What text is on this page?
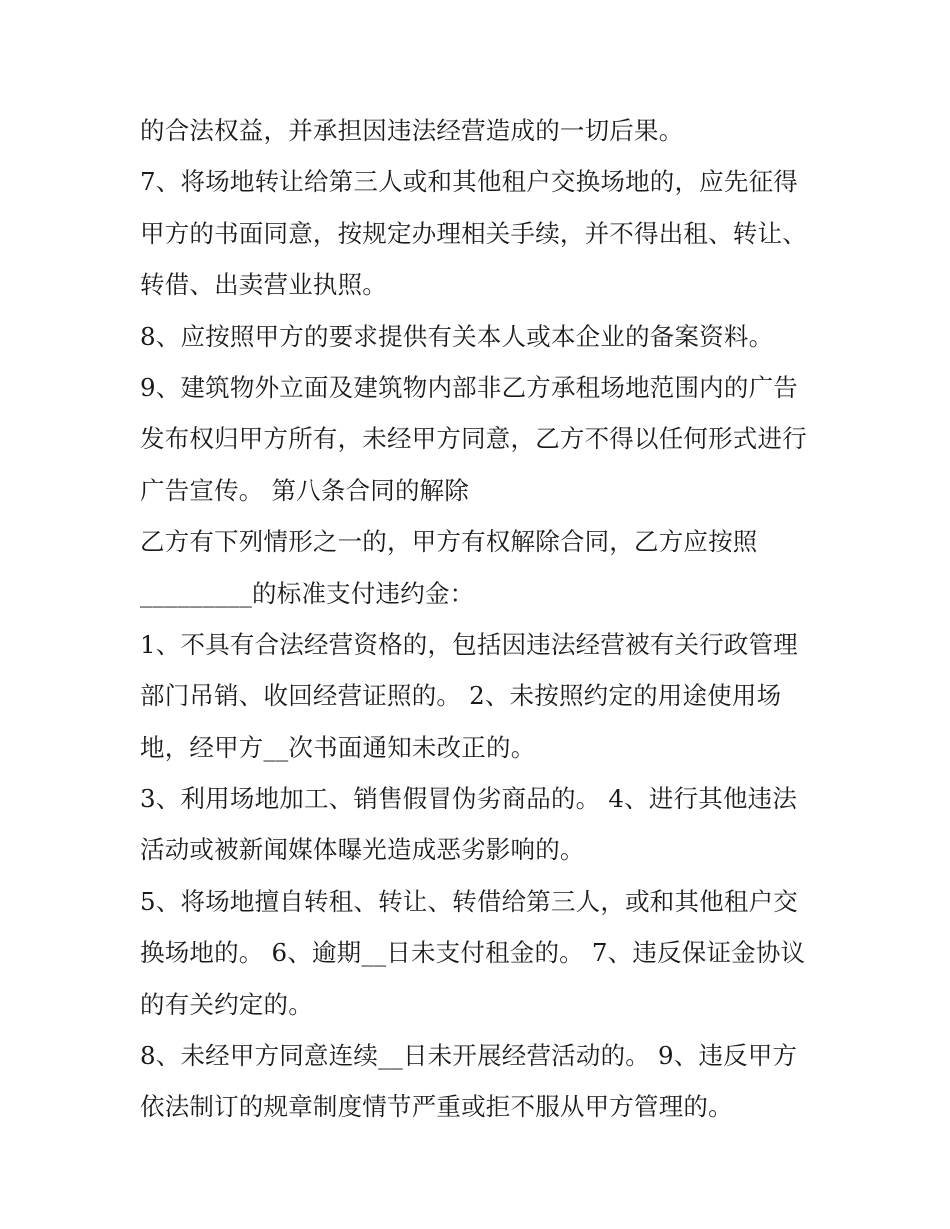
的合法权益，并承担因违法经营造成的一切后果。
7、将场地转让给第三人或和其他租户交换场地的，应先征得
甲方的书面同意，按规定办理相关手续，并不得出租、转让、
转借、出卖营业执照。
8、应按照甲方的要求提供有关本人或本企业的备案资料。
9、建筑物外立面及建筑物内部非乙方承租场地范围内的广告
发布权归甲方所有，未经甲方同意，乙方不得以任何形式进行
广告宣传。 第八条合同的解除
乙方有下列情形之一的，甲方有权解除合同，乙方应按照
_________的标准支付违约金：
1、不具有合法经营资格的，包括因违法经营被有关行政管理
部门吊销、收回经营证照的。 2、未按照约定的用途使用场
地，经甲方__次书面通知未改正的。
3、利用场地加工、销售假冒伪劣商品的。 4、进行其他违法
活动或被新闻媒体曝光造成恶劣影响的。
5、将场地擅自转租、转让、转借给第三人，或和其他租户交
换场地的。 6、逾期__日未支付租金的。 7、违反保证金协议
的有关约定的。
8、未经甲方同意连续__日未开展经营活动的。 9、违反甲方
依法制订的规章制度情节严重或拒不服从甲方管理的。
